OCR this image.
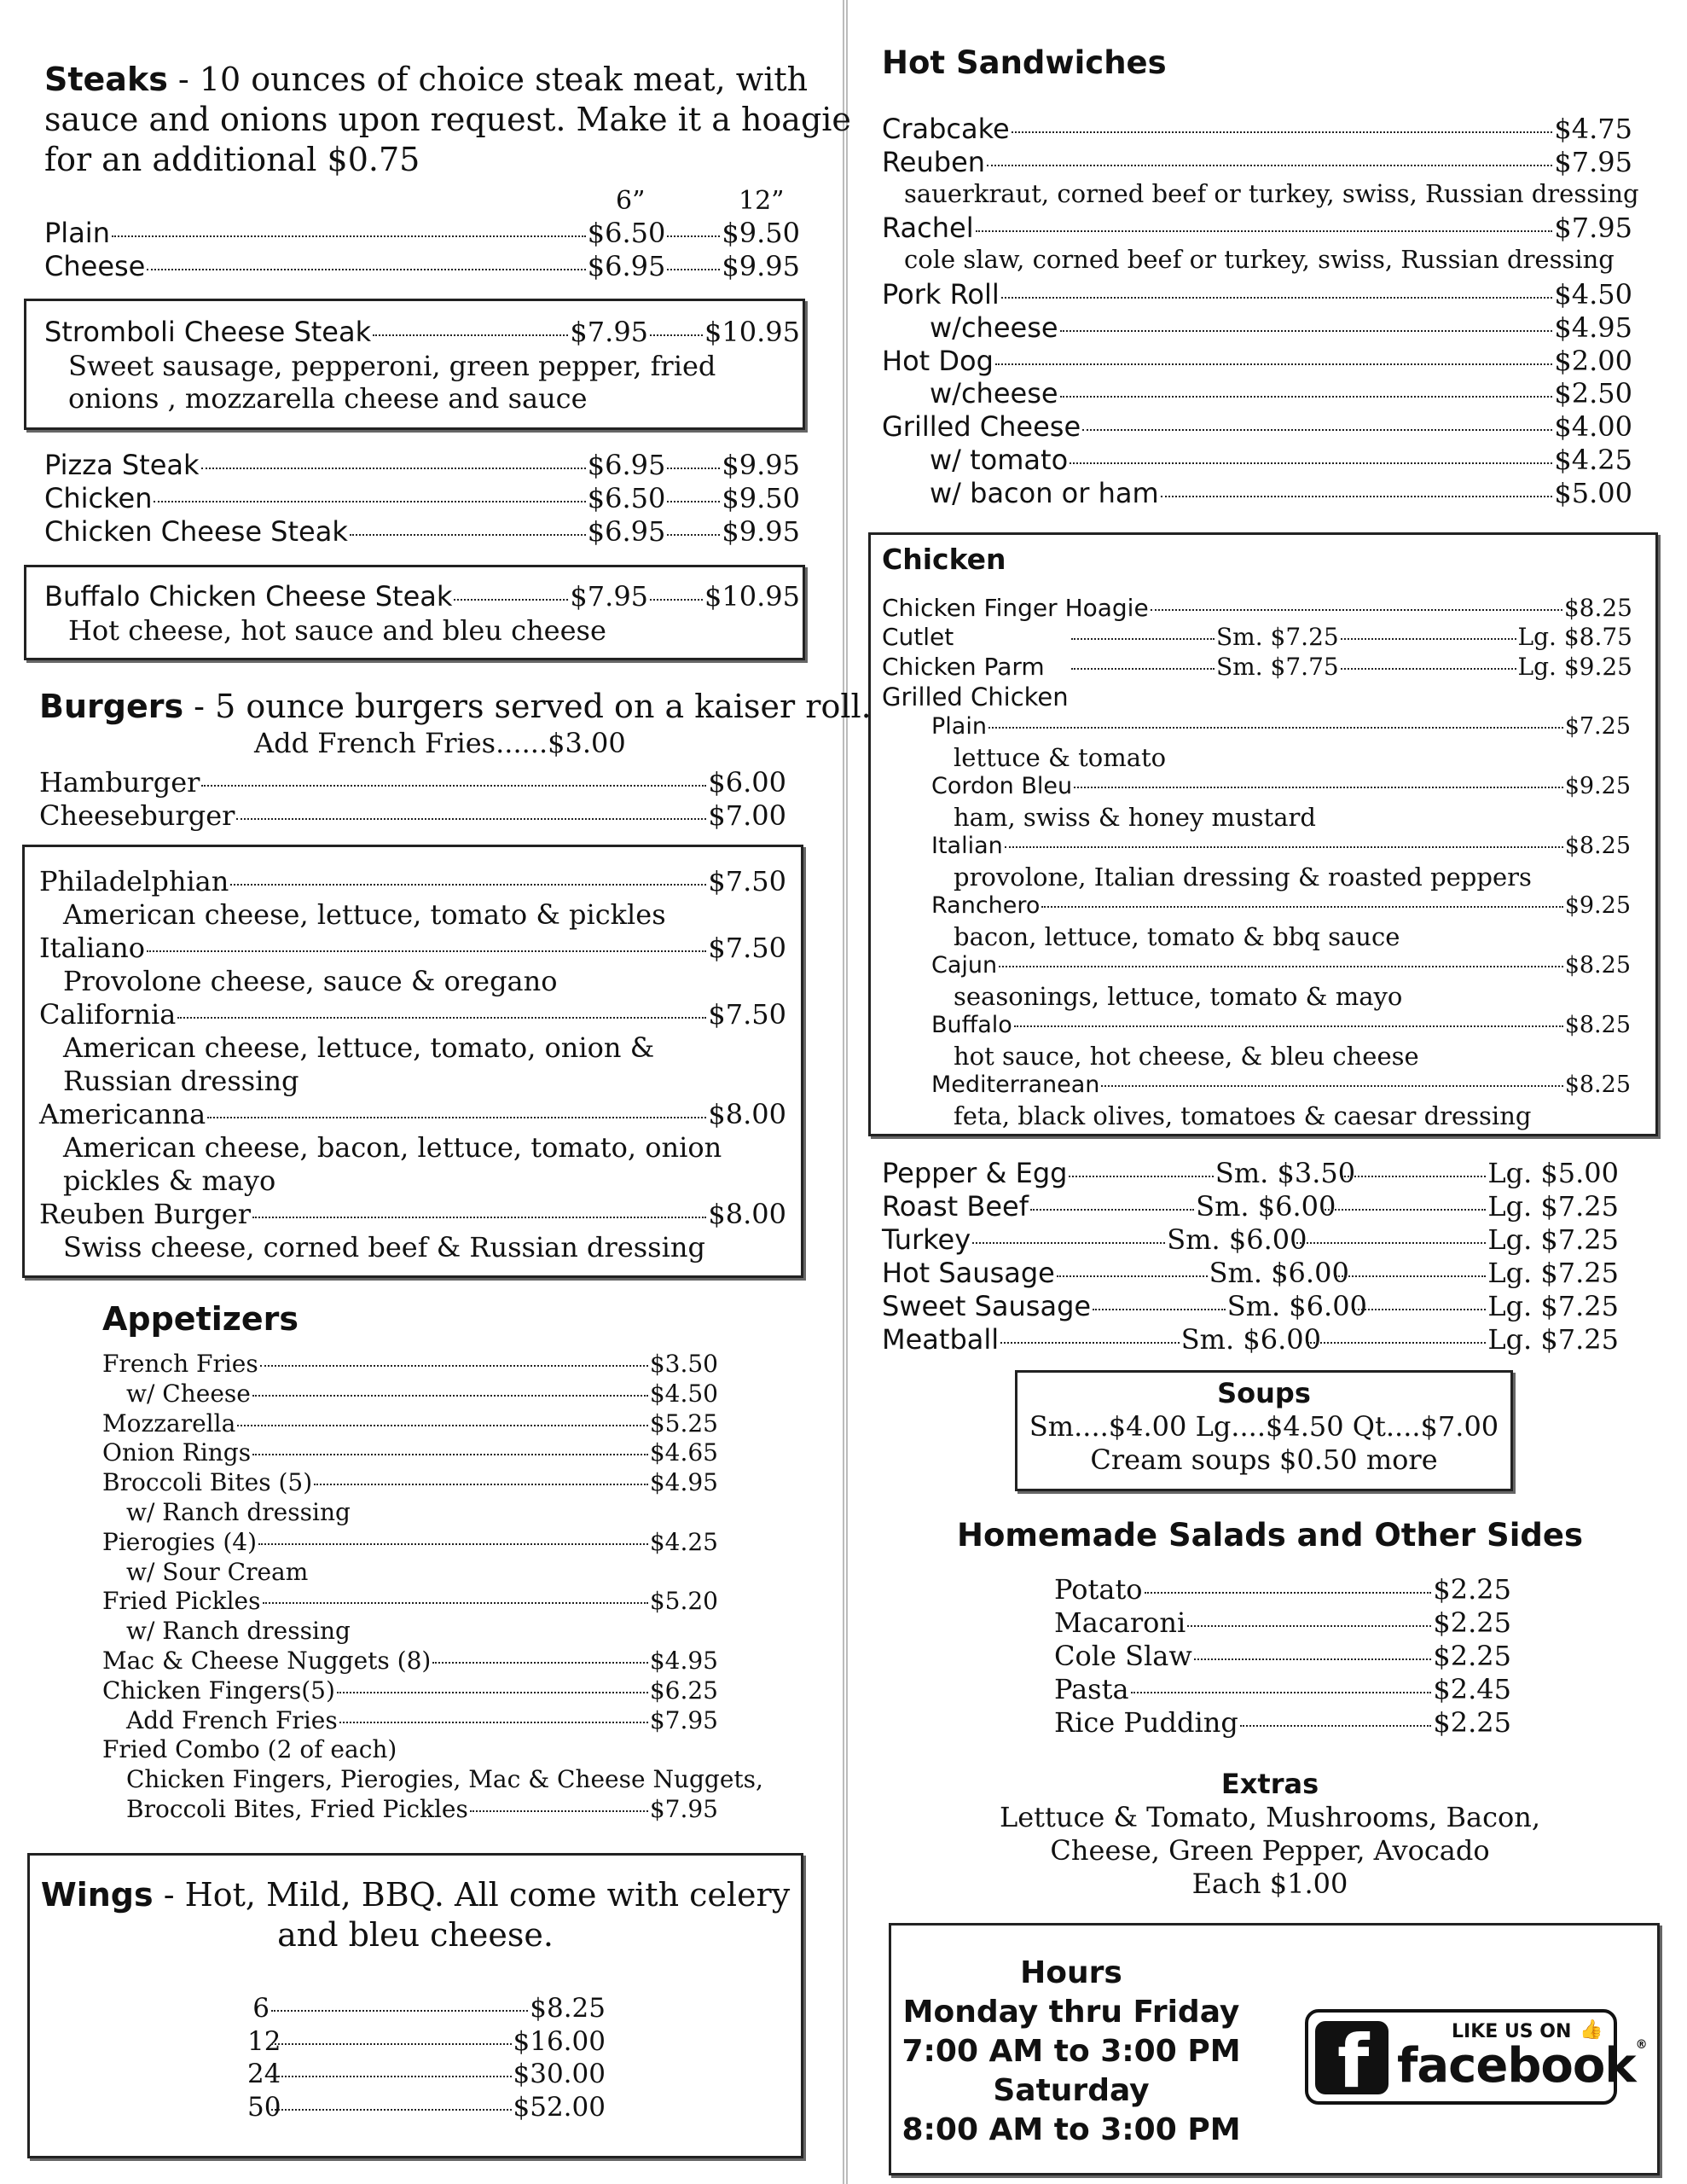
Steaks - 10 ounces of choice steak meat, with
sauce and onions upon request. Make it a hoagie
for an additional $0.75
6”	12”
Plain	$6.50 $9.50
Cheese	$6.95 $9.95
Stromboli Cheese Steak	$7.95 $10.95
Sweet sausage, pepperoni, green pepper, fried
onions , mozzarella cheese and sauce
Pizza Steak	$6.95 $9.95
Chicken	$6.50 $9.50
Chicken Cheese Steak	$6.95 $9.95
Buffalo Chicken Cheese Steak	$7.95 $10.95
Hot cheese, hot sauce and bleu cheese
Burgers - 5 ounce burgers served on a kaiser roll.
Add French Fries......$3.00
Hamburger	$6.00
Cheeseburger	$7.00
Philadelphian	$7.50
American cheese, lettuce, tomato & pickles
Italiano	$7.50
Provolone cheese, sauce & oregano
California	$7.50
American cheese, lettuce, tomato, onion &
Russian dressing
Americanna	$8.00
American cheese, bacon, lettuce, tomato, onion
pickles & mayo
Reuben Burger	$8.00
Swiss cheese, corned beef & Russian dressing
Appetizers
French Fries	$3.50
w/ Cheese	$4.50
Mozzarella	$5.25
Onion Rings	$4.65
Broccoli Bites (5)	$4.95
w/ Ranch dressing
Pierogies (4)	$4.25
w/ Sour Cream
Fried Pickles	$5.20
w/ Ranch dressing
Mac & Cheese Nuggets (8)	$4.95
Chicken Fingers(5)	$6.25
Add French Fries	$7.95
Fried Combo (2 of each)
Chicken Fingers, Pierogies, Mac & Cheese Nuggets,
Broccoli Bites, Fried Pickles	$7.95
Wings - Hot, Mild, BBQ. All come with celery
and bleu cheese.
6	$8.25
12	$16.00
24	$30.00
50	$52.00
Hot Sandwiches
Crabcake	$4.75
Reuben	$7.95
sauerkraut, corned beef or turkey, swiss, Russian dressing
Rachel	$7.95
cole slaw, corned beef or turkey, swiss, Russian dressing
Pork Roll	$4.50
w/cheese	$4.95
Hot Dog	$2.00
w/cheese	$2.50
Grilled Cheese	$4.00
w/ tomato	$4.25
w/ bacon or ham	$5.00
Chicken
Chicken Finger Hoagie	$8.25
Cutlet	Sm. $7.25	Lg. $8.75
Chicken Parm	Sm. $7.75	Lg. $9.25
Grilled Chicken
Plain	$7.25
lettuce & tomato
Cordon Bleu	$9.25
ham, swiss & honey mustard
Italian	$8.25
provolone, Italian dressing & roasted peppers
Ranchero	$9.25
bacon, lettuce, tomato & bbq sauce
Cajun	$8.25
seasonings, lettuce, tomato & mayo
Buffalo	$8.25
hot sauce, hot cheese, & bleu cheese
Mediterranean	$8.25
feta, black olives, tomatoes & caesar dressing
Pepper & Egg	Sm. $3.50	Lg. $5.00
Roast Beef	Sm. $6.00	Lg. $7.25
Turkey	Sm. $6.00	Lg. $7.25
Hot Sausage	Sm. $6.00	Lg. $7.25
Sweet Sausage	Sm. $6.00	Lg. $7.25
Meatball	Sm. $6.00	Lg. $7.25
Soups
Sm....$4.00 Lg....$4.50 Qt....$7.00
Cream soups $0.50 more
Homemade Salads and Other Sides
Potato	$2.25
Macaroni	$2.25
Cole Slaw	$2.25
Pasta	$2.45
Rice Pudding	$2.25
Extras
Lettuce & Tomato, Mushrooms, Bacon,
Cheese, Green Pepper, Avocado
Each $1.00
Hours
Monday thru Friday
7:00 AM to 3:00 PM
Saturday
8:00 AM to 3:00 PM
f	LIKE US ON 👍
facebook®
